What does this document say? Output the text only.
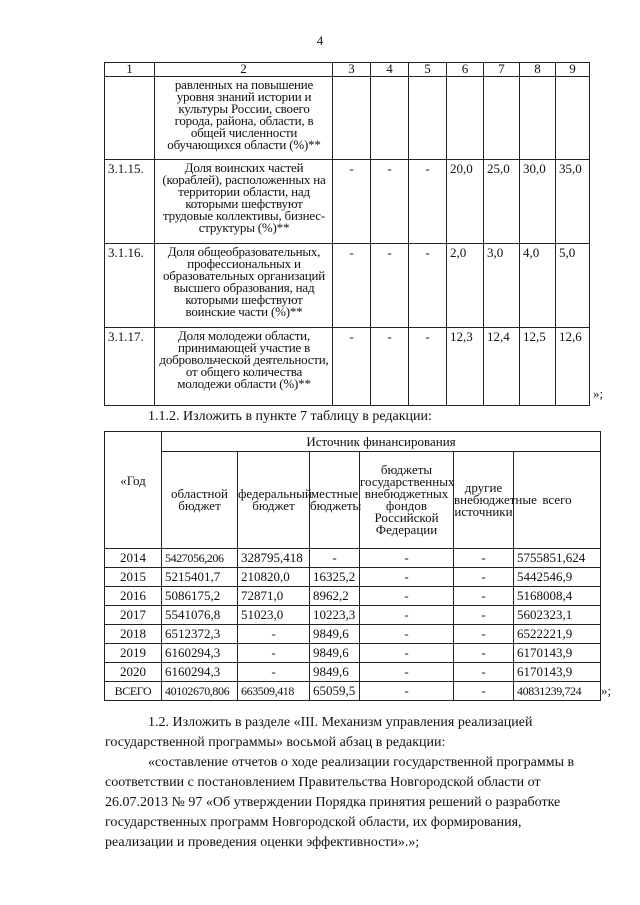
4
1	2	3	4	5	6	7	8	9
	равленных на повышение уровня знаний истории и культуры России, своего города, района, области, в общей численности обучающихся области (%)**							
3.1.15.	Доля воинских частей (кораблей), расположенных на территории области, над которыми шефствуют трудовые коллективы, бизнес-структуры (%)**	-	-	-	20,0	25,0	30,0	35,0
3.1.16.	Доля общеобразовательных, профессиональных и образовательных организаций высшего образования, над которыми шефствуют воинские части (%)**	-	-	-	2,0	3,0	4,0	5,0
3.1.17.	Доля молодежи области, принимающей участие в добровольческой деятельности, от общего количества молодежи области (%)**	-	-	-	12,3	12,4	12,5	12,6
»;
1.1.2. Изложить в пункте 7 таблицу в редакции:
«Год	Источник финансирования					
	областной бюджет	федеральный бюджет	местные бюджеты	бюджеты государственных внебюджетных фондов Российской Федерации	другие внебюджетные источники	всего
2014	5427056,206	328795,418	-	-	-	5755851,624
2015	5215401,7	210820,0	16325,2	-	-	5442546,9
2016	5086175,2	72871,0	8962,2	-	-	5168008,4
2017	5541076,8	51023,0	10223,3	-	-	5602323,1
2018	6512372,3	-	9849,6	-	-	6522221,9
2019	6160294,3	-	9849,6	-	-	6170143,9
2020	6160294,3	-	9849,6	-	-	6170143,9
ВСЕГО	40102670,806	663509,418	65059,5	-	-	40831239,724 »;
1.2. Изложить в разделе «III. Механизм управления реализацией
государственной программы» восьмой абзац в редакции:
«составление отчетов о ходе реализации государственной программы в
соответствии с постановлением Правительства Новгородской области от
26.07.2013 № 97 «Об утверждении Порядка принятия решений о разработке
государственных программ Новгородской области, их формирования,
реализации и проведения оценки эффективности».»;
